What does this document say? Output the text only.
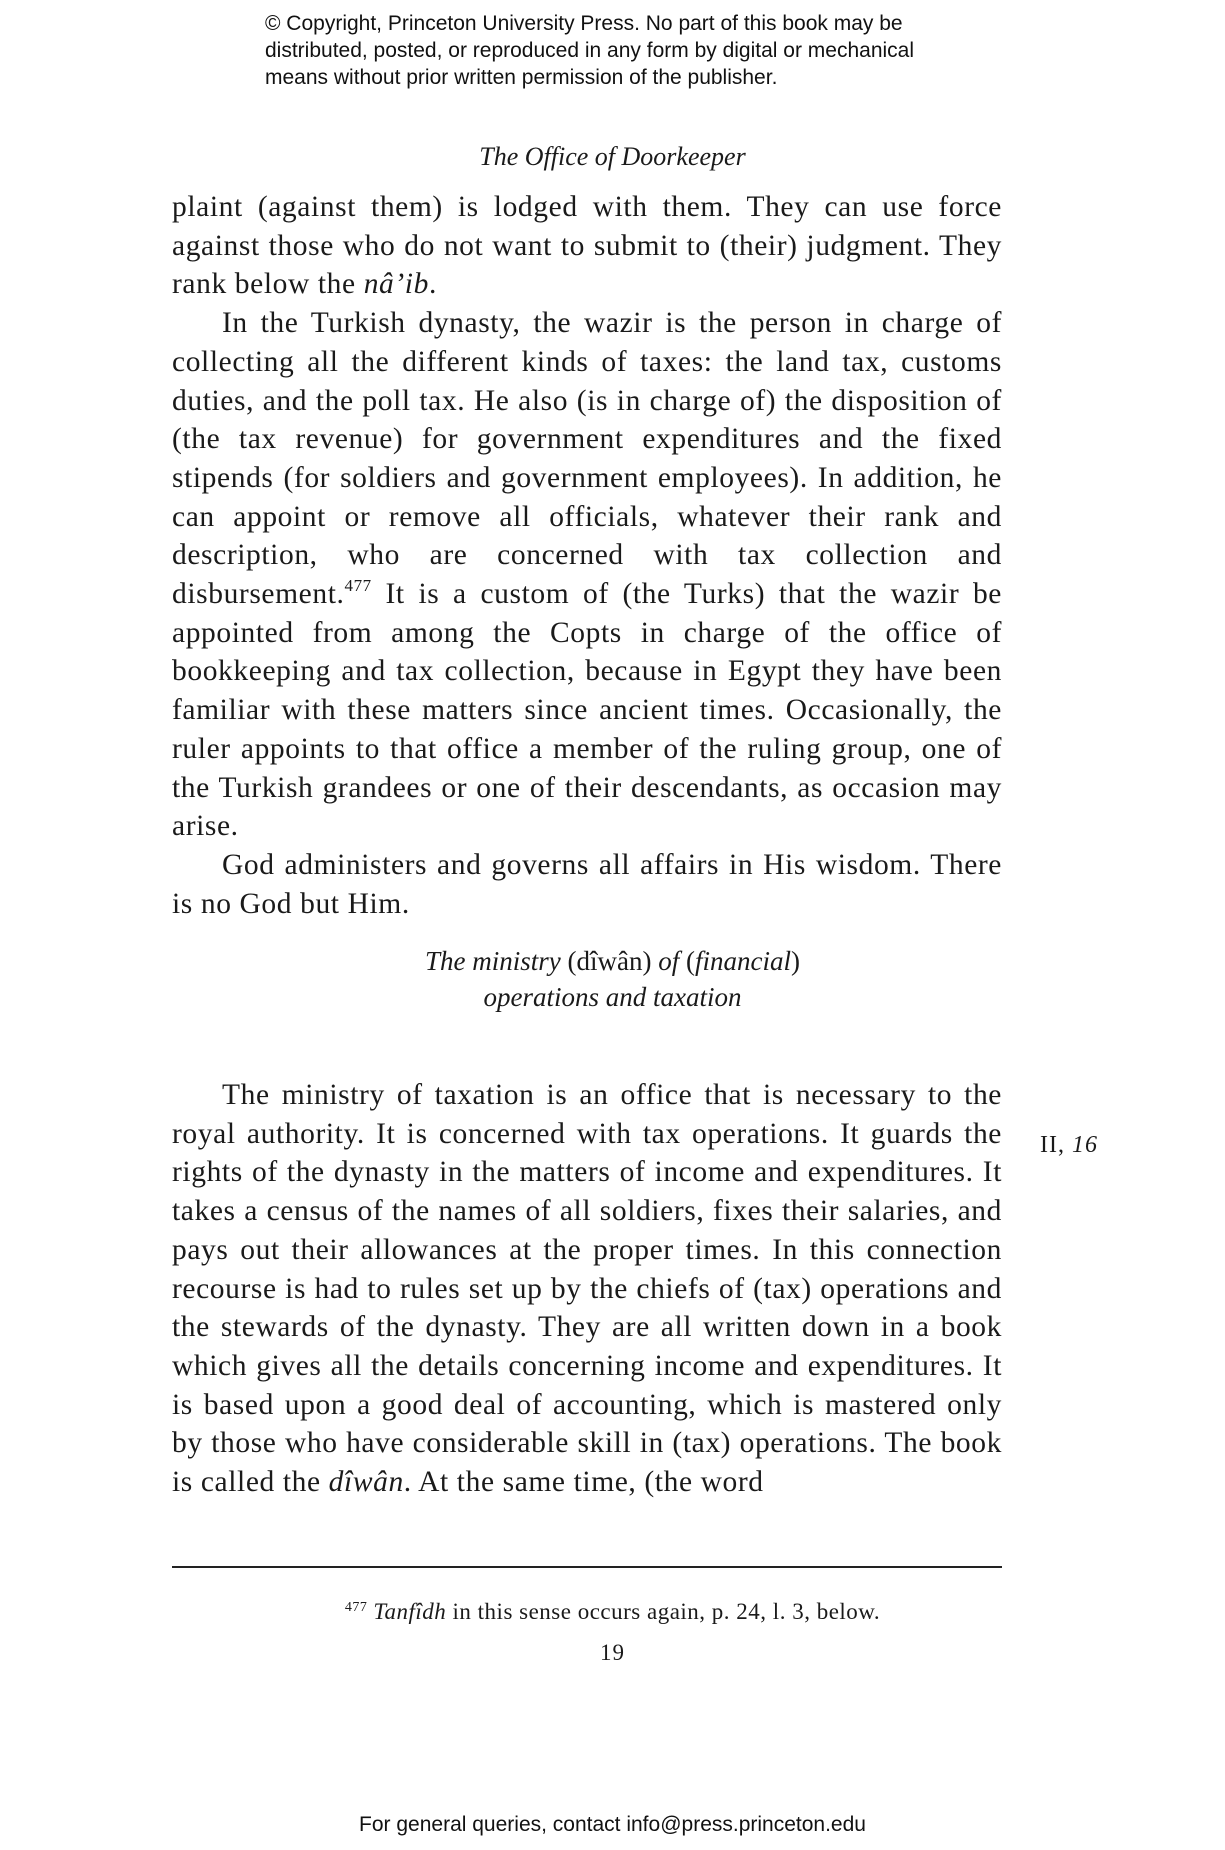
© Copyright, Princeton University Press. No part of this book may be
distributed, posted, or reproduced in any form by digital or mechanical
means without prior written permission of the publisher.
The Office of Doorkeeper

plaint (against them) is lodged with them. They can use force against those who do not want to submit to (their) judgment. They rank below the nâ’ib.

In the Turkish dynasty, the wazir is the person in charge of collecting all the different kinds of taxes: the land tax, customs duties, and the poll tax. He also (is in charge of) the disposition of (the tax revenue) for government expenditures and the fixed stipends (for soldiers and government employees). In addition, he can appoint or remove all officials, whatever their rank and description, who are concerned with tax collection and disbursement.$^{477}$ It is a custom of (the Turks) that the wazir be appointed from among the Copts in charge of the office of bookkeeping and tax collection, because in Egypt they have been familiar with these matters since ancient times. Occasionally, the ruler appoints to that office a member of the ruling group, one of the Turkish grandees or one of their descendants, as occasion may arise.

God administers and governs all affairs in His wisdom. There is no God but Him.

The ministry (dîwân) of (financial)
operations and taxation

The ministry of taxation is an office that is necessary to the royal authority. It is concerned with tax operations. It guards the rights of the dynasty in the matters of income and expenditures. It takes a census of the names of all soldiers, fixes their salaries, and pays out their allowances at the proper times. In this connection recourse is had to rules set up by the chiefs of (tax) operations and the stewards of the dynasty. They are all written down in a book which gives all the details concerning income and expenditures. It is based upon a good deal of accounting, which is mastered only by those who have considerable skill in (tax) operations. The book is called the dîwân. At the same time, (the word

II, 16
$^{477}$ Tanfîdh in this sense occurs again, p. 24, l. 3, below.
19
For general queries, contact info@press.princeton.edu
